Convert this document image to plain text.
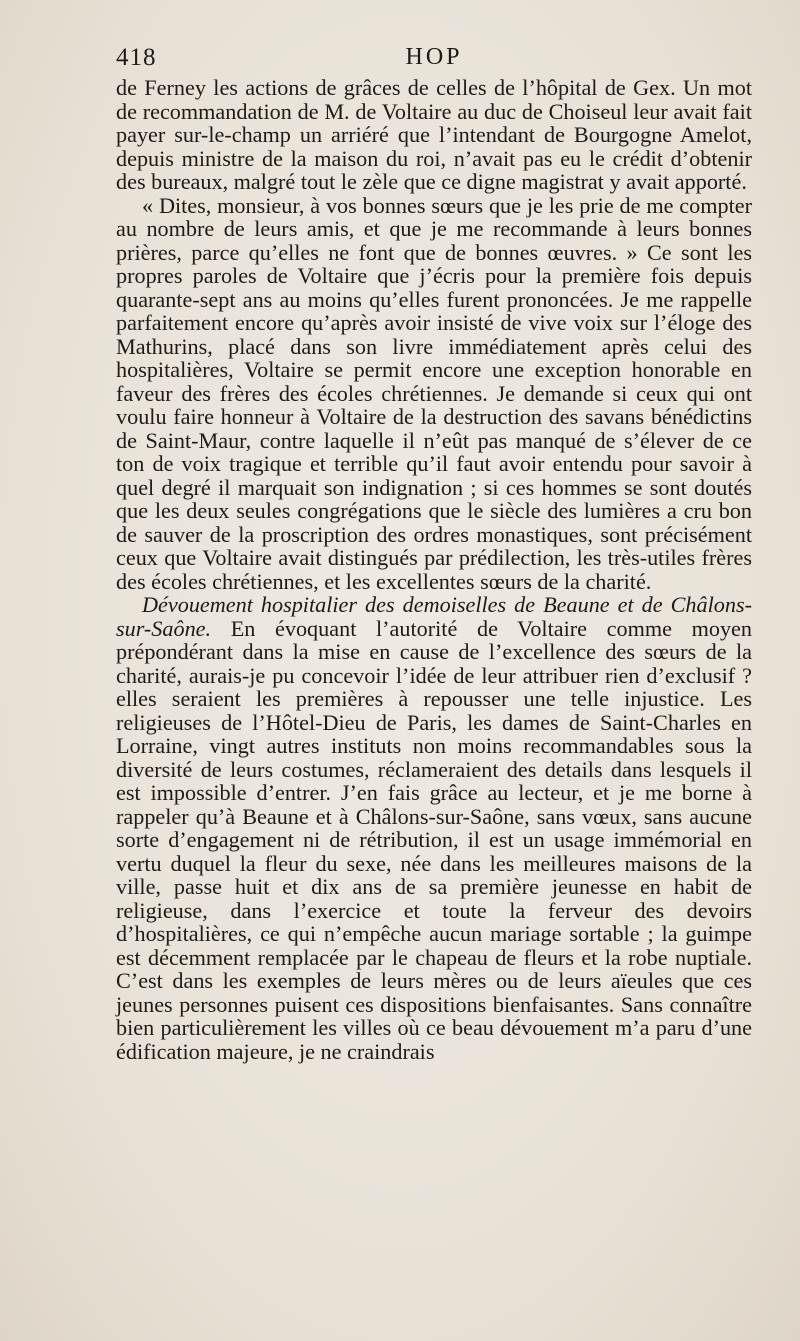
418	HOP

de Ferney les actions de grâces de celles de l’hôpital de Gex. Un mot de recommandation de M. de Voltaire au duc de Choiseul leur avait fait payer sur-le-champ un arriéré que l’intendant de Bourgogne Amelot, depuis ministre de la maison du roi, n’avait pas eu le crédit d’obtenir des bureaux, malgré tout le zèle que ce digne magistrat y avait apporté.

« Dites, monsieur, à vos bonnes sœurs que je les prie de me compter au nombre de leurs amis, et que je me recommande à leurs bonnes prières, parce qu’elles ne font que de bonnes œuvres. » Ce sont les propres paroles de Voltaire que j’écris pour la première fois depuis quarante-sept ans au moins qu’elles furent prononcées. Je me rappelle parfaitement encore qu’après avoir insisté de vive voix sur l’éloge des Mathurins, placé dans son livre immédiatement après celui des hospitalières, Voltaire se permit encore une exception honorable en faveur des frères des écoles chrétiennes. Je demande si ceux qui ont voulu faire honneur à Voltaire de la destruction des savans bénédictins de Saint-Maur, contre laquelle il n’eût pas manqué de s’élever de ce ton de voix tragique et terrible qu’il faut avoir entendu pour savoir à quel degré il marquait son indignation ; si ces hommes se sont doutés que les deux seules congrégations que le siècle des lumières a cru bon de sauver de la proscription des ordres monastiques, sont précisément ceux que Voltaire avait distingués par prédilection, les très-utiles frères des écoles chrétiennes, et les excellentes sœurs de la charité.

Dévouement hospitalier des demoiselles de Beaune et de Châlons-sur-Saône. En évoquant l’autorité de Voltaire comme moyen prépondérant dans la mise en cause de l’excellence des sœurs de la charité, aurais-je pu concevoir l’idée de leur attribuer rien d’exclusif ? elles seraient les premières à repousser une telle injustice. Les religieuses de l’Hôtel-Dieu de Paris, les dames de Saint-Charles en Lorraine, vingt autres instituts non moins recommandables sous la diversité de leurs costumes, réclameraient des details dans lesquels il est impossible d’entrer. J’en fais grâce au lecteur, et je me borne à rappeler qu’à Beaune et à Châlons-sur-Saône, sans vœux, sans aucune sorte d’engagement ni de rétribution, il est un usage immémorial en vertu duquel la fleur du sexe, née dans les meilleures maisons de la ville, passe huit et dix ans de sa première jeunesse en habit de religieuse, dans l’exercice et toute la ferveur des devoirs d’hospitalières, ce qui n’empêche aucun mariage sortable ; la guimpe est décemment remplacée par le chapeau de fleurs et la robe nuptiale. C’est dans les exemples de leurs mères ou de leurs aïeules que ces jeunes personnes puisent ces dispositions bienfaisantes. Sans connaître bien particulièrement les villes où ce beau dévouement m’a paru d’une édification majeure, je ne craindrais
